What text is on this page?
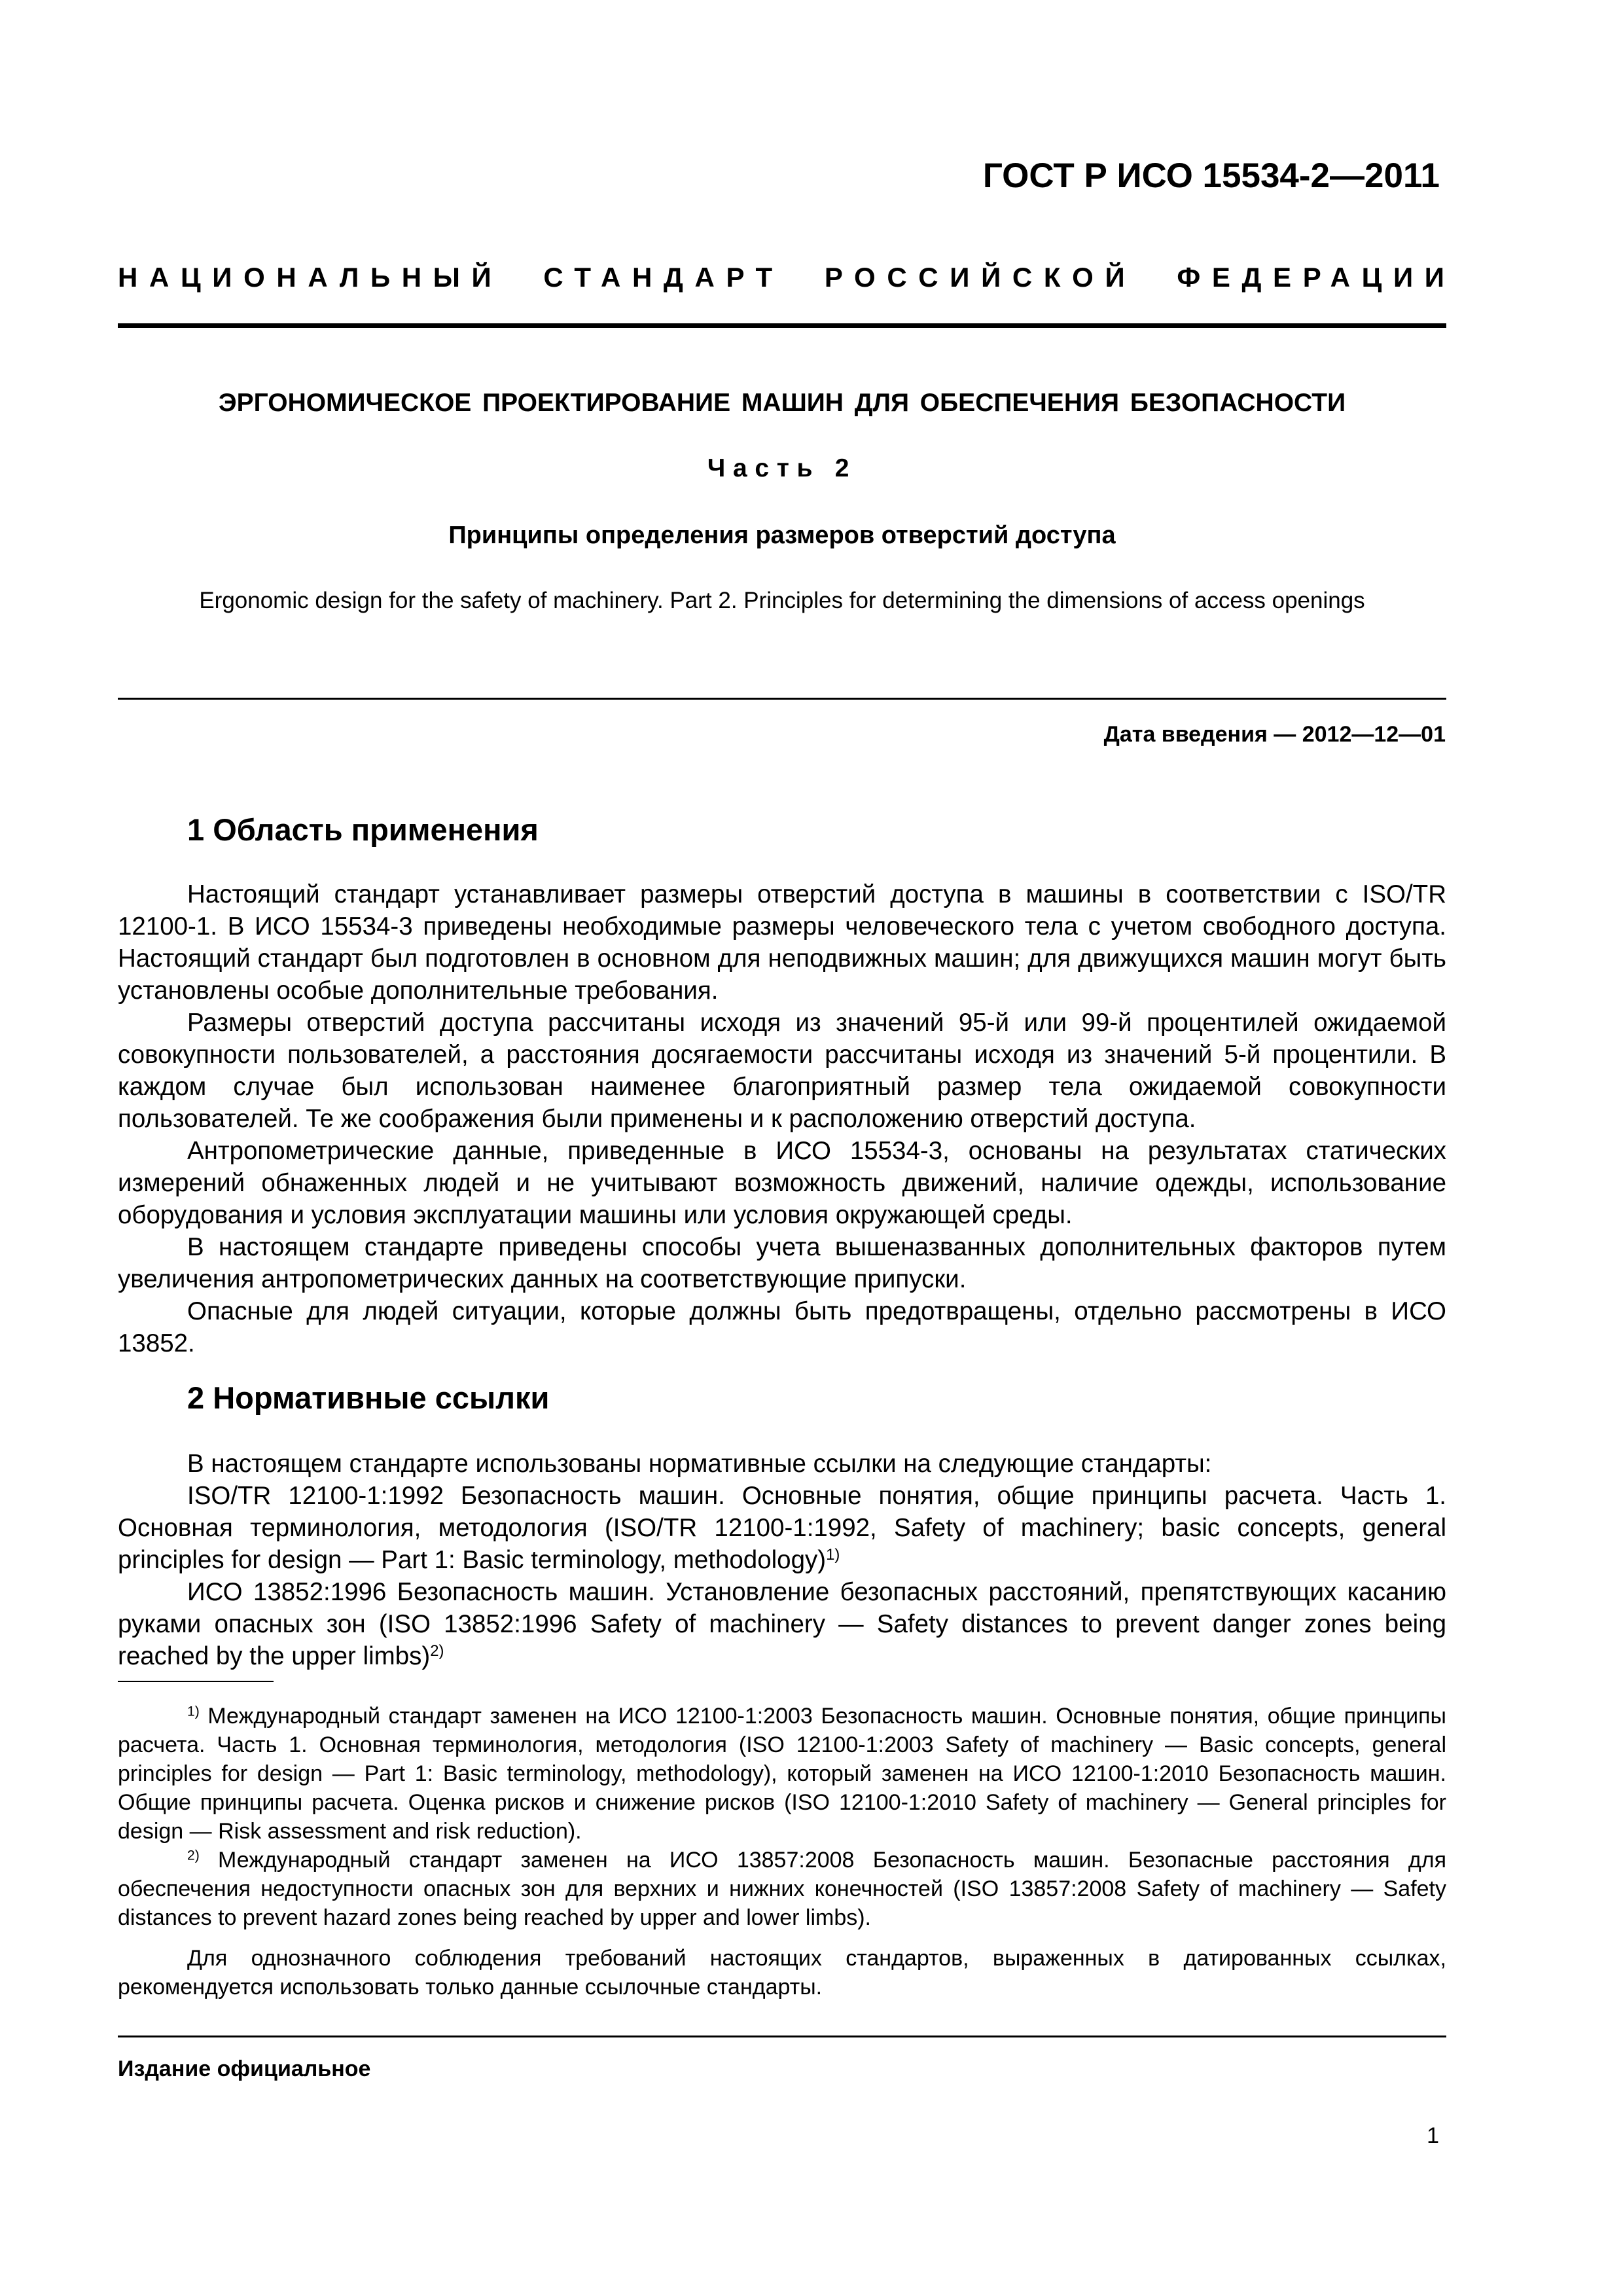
ГОСТ Р ИСО 15534-2—2011
НАЦИОНАЛЬНЫЙ СТАНДАРТ РОССИЙСКОЙ ФЕДЕРАЦИИ
ЭРГОНОМИЧЕСКОЕ ПРОЕКТИРОВАНИЕ МАШИН ДЛЯ ОБЕСПЕЧЕНИЯ БЕЗОПАСНОСТИ
Часть 2
Принципы определения размеров отверстий доступа
Ergonomic design for the safety of machinery. Part 2. Principles for determining the dimensions of access openings
Дата введения — 2012—12—01
1 Область применения

Настоящий стандарт устанавливает размеры отверстий доступа в машины в соответствии с ISO/TR 12100-1. В ИСО 15534-3 приведены необходимые размеры человеческого тела с учетом свободного доступа. Настоящий стандарт был подготовлен в основном для неподвижных машин; для движущихся машин могут быть установлены особые дополнительные требования.

Размеры отверстий доступа рассчитаны исходя из значений 95-й или 99-й процентилей ожидаемой совокупности пользователей, а расстояния досягаемости рассчитаны исходя из значений 5-й процентили. В каждом случае был использован наименее благоприятный размер тела ожидаемой совокупности пользователей. Те же соображения были применены и к расположению отверстий доступа.

Антропометрические данные, приведенные в ИСО 15534-3, основаны на результатах статических измерений обнаженных людей и не учитывают возможность движений, наличие одежды, использование оборудования и условия эксплуатации машины или условия окружающей среды.

В настоящем стандарте приведены способы учета вышеназванных дополнительных факторов путем увеличения антропометрических данных на соответствующие припуски.

Опасные для людей ситуации, которые должны быть предотвращены, отдельно рассмотрены в ИСО 13852.

2 Нормативные ссылки

В настоящем стандарте использованы нормативные ссылки на следующие стандарты:

ISO/TR 12100-1:1992 Безопасность машин. Основные понятия, общие принципы расчета. Часть 1. Основная терминология, методология (ISO/TR 12100-1:1992, Safety of machinery; basic concepts, general principles for design — Part 1: Basic terminology, methodology)$^{1)}$

ИСО 13852:1996 Безопасность машин. Установление безопасных расстояний, препятствующих касанию руками опасных зон (ISO 13852:1996 Safety of machinery — Safety distances to prevent danger zones being reached by the upper limbs)$^{2)}$

$^{1)}$ Международный стандарт заменен на ИСО 12100-1:2003 Безопасность машин. Основные понятия, общие принципы расчета. Часть 1. Основная терминология, методология (ISO 12100-1:2003 Safety of machinery — Basic concepts, general principles for design — Part 1: Basic terminology, methodology), который заменен на ИСО 12100-1:2010 Безопасность машин. Общие принципы расчета. Оценка рисков и снижение рисков (ISO 12100-1:2010 Safety of machinery — General principles for design — Risk assessment and risk reduction).

$^{2)}$ Международный стандарт заменен на ИСО 13857:2008 Безопасность машин. Безопасные расстояния для обеспечения недоступности опасных зон для верхних и нижних конечностей (ISO 13857:2008 Safety of machinery — Safety distances to prevent hazard zones being reached by upper and lower limbs).

Для однозначного соблюдения требований настоящих стандартов, выраженных в датированных ссылках, рекомендуется использовать только данные ссылочные стандарты.

Издание официальное
1
